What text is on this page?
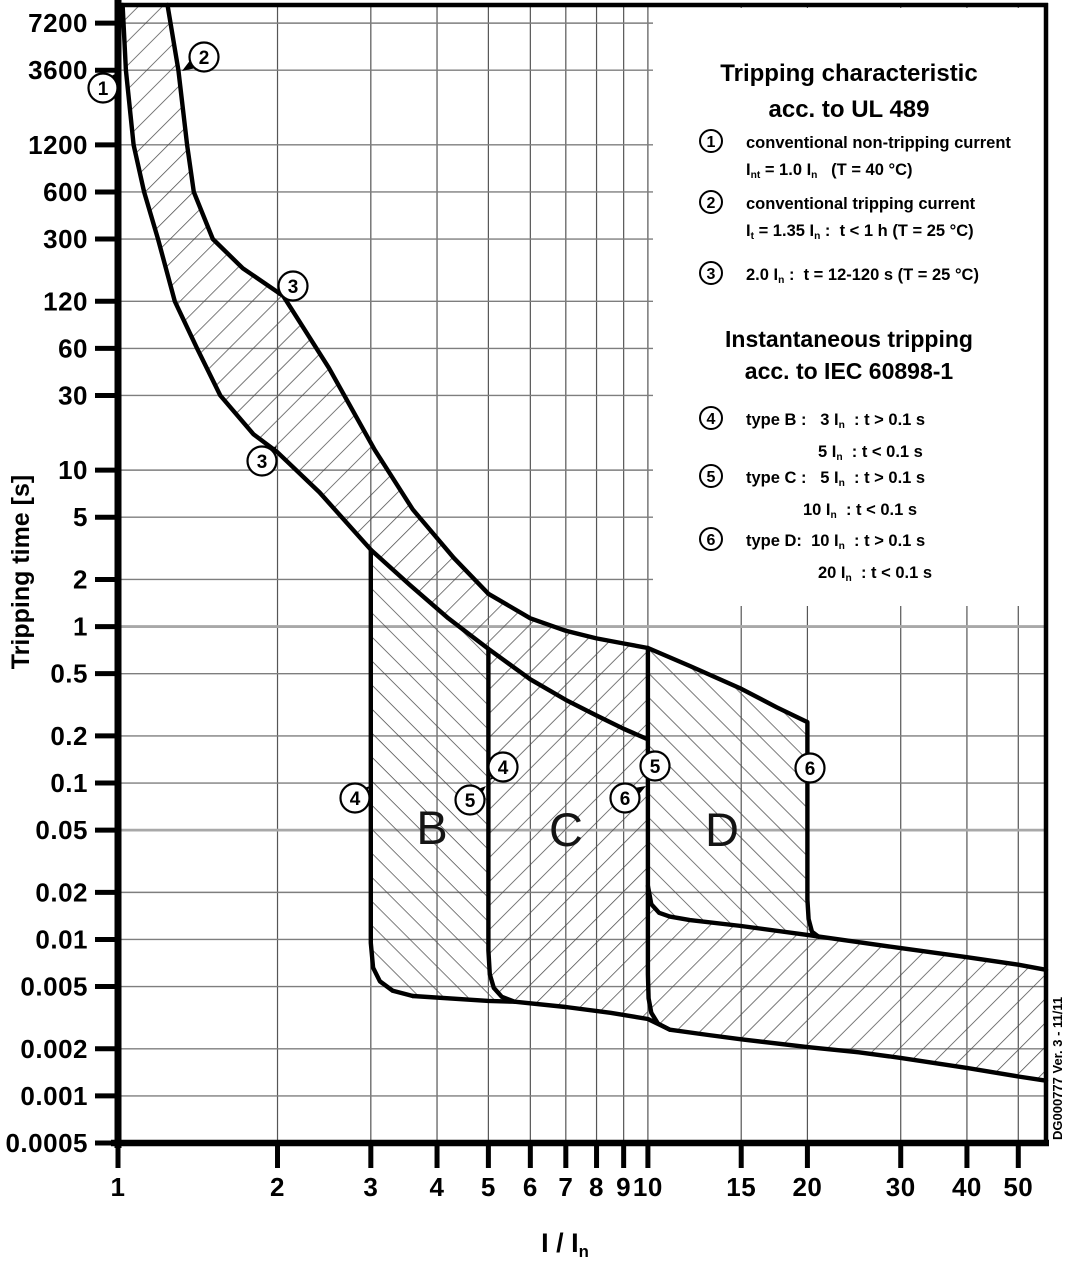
7200
3600
1200
600
300
120
60
30
10
5
2
1
0.5
0.2
0.1
0.05
0.02
0.01
0.005
0.002
0.001
0.0005
1	2	3 4 5 6 7 8 9 10 15 20 30 40 50
B C	D
1
2
3
3
4
4
5
5
6
6
Tripping time [s]
I / $I_n$
DG000777 Ver. 3 - 11/11
Tripping characteristic
acc. to UL 489
1	conventional non-tripping current
$I_{nt} = 1.0$ $I_n$   (T = 40 °C)
2	conventional tripping current
$I_t = 1.35$ $I_n$ :  t < 1 h (T = 25 °C)
3	2.0 $I_n$ :  t = 12-120 s (T = 25 °C)
Instantaneous tripping
acc. to IEC 60898-1
4	type B :   3 $I_n$  : t > 0.1 s
5 $I_n$  : t < 0.1 s
5	type C :   5 $I_n$  : t > 0.1 s
10 $I_n$  : t < 0.1 s
6	type D:  10 $I_n$  : t > 0.1 s
20 $I_n$  : t < 0.1 s
